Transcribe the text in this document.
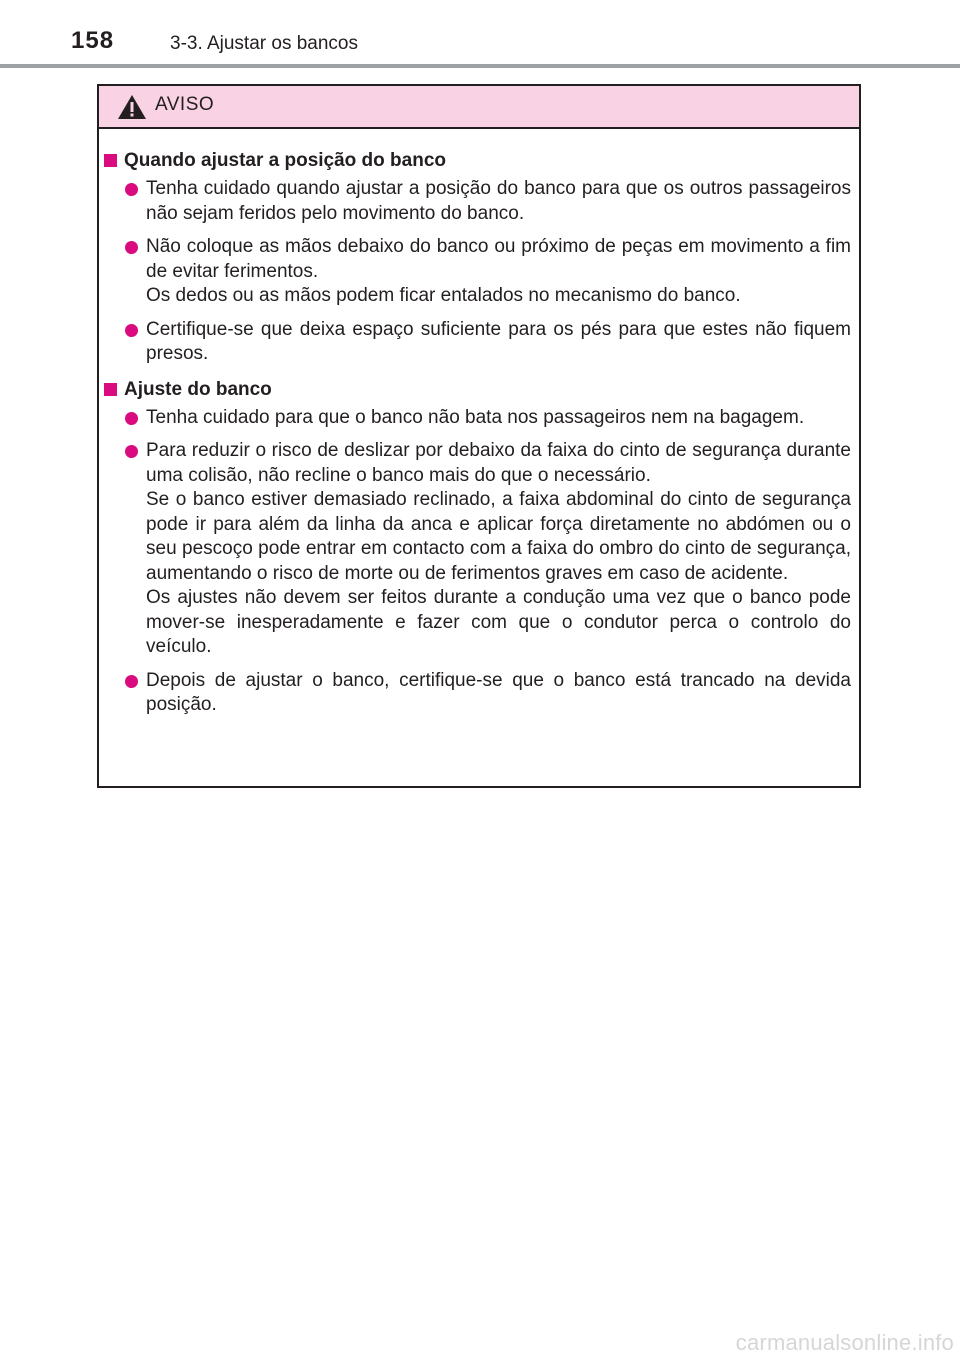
158	3-3. Ajustar os bancos
AVISO
Quando ajustar a posição do banco

Tenha cuidado quando ajustar a posição do banco para que os outros passageiros não sejam feridos pelo movimento do banco.

Não coloque as mãos debaixo do banco ou próximo de peças em movimento a fim de evitar ferimentos.

Os dedos ou as mãos podem ficar entalados no mecanismo do banco.

Certifique-se que deixa espaço suficiente para os pés para que estes não fiquem presos.

Ajuste do banco

Tenha cuidado para que o banco não bata nos passageiros nem na bagagem.

Para reduzir o risco de deslizar por debaixo da faixa do cinto de segurança durante uma colisão, não recline o banco mais do que o necessário.

Se o banco estiver demasiado reclinado, a faixa abdominal do cinto de segurança pode ir para além da linha da anca e aplicar força diretamente no abdómen ou o seu pescoço pode entrar em contacto com a faixa do ombro do cinto de segurança, aumentando o risco de morte ou de ferimentos graves em caso de acidente.

Os ajustes não devem ser feitos durante a condução uma vez que o banco pode mover-se inesperadamente e fazer com que o condutor perca o controlo do veículo.

Depois de ajustar o banco, certifique-se que o banco está trancado na devida posição.

carmanualsonline.info
